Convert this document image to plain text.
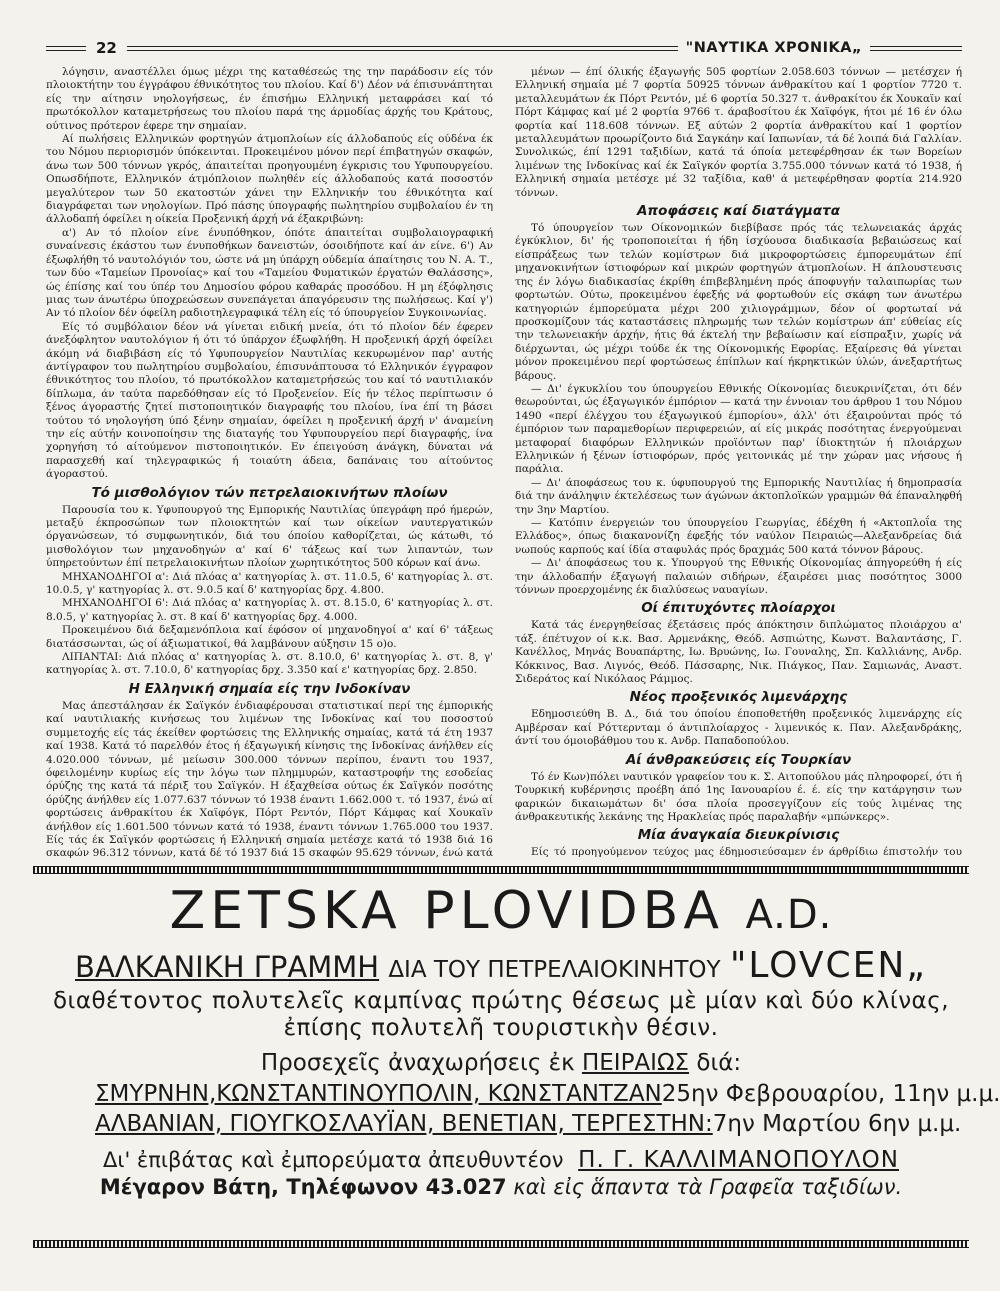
22	"ΝΑΥΤΙΚΑ ΧΡΟΝΙΚΑ„

λόγησιν, αναστέλλει όμως μέχρι της καταθέσεώς της την παράδοσιν είς τόν πλοιοκτήτην του έγγράφου έθνικότητος του πλοίου. Καί δ') Δέον νά έπισυνάπτηται είς την αίτησιν νηολογήσεως, έν έπισήμω Ελληνική μεταφράσει καί τό πρωτόκολλον καταμετρήσεως του πλοίου παρά της άρμοδίας άρχής του Κράτους, ούτινος πρότερον έφερε την σημαίαν.

Αί πωλήσεις Ελληνικών φορτηγών άτμοπλοίων είς άλλοδαπούς είς ούδένα έκ του Νόμου περιορισμόν ύπόκεινται. Προκειμένου μόνον περί έπιβατηγών σκαφών, άνω των 500 τόννων γκρός, άπαιτείται προηγουμένη έγκρισις του Υφυπουργείου. Οπωσδήποτε, Ελληνικόν άτμόπλοιον πωληθέν είς άλλοδαπούς κατά ποσοστόν μεγαλύτερον των 50 εκατοστών χάνει την Ελληνικήν του έθνικότητα καί διαγράφεται των νηολογίων. Πρό πάσης ύπογραφής πωλητηρίου συμβολαίου έν τη άλλοδαπή όφείλει η οίκεία Προξενική άρχή νά έξακριβώνη:

α') Αν τό πλοίον είνε ένυπόθηκον, όπότε άπαιτείται συμβολαιογραφική συναίνεσις έκάστου των ένυποθήκων δανειστών, όσοιδήποτε καί άν είνε. 6') Αν έξωφλήθη τό ναυτολόγιόν του, ώστε νά μη ύπάρχη ούδεμία άπαίτησις του Ν. Α. Τ., των δύο «Ταμείων Προνοίας» καί του «Ταμείου Φυματικών έργατών Θαλάσσης», ώς έπίσης καί του ύπέρ του Δημοσίου φόρου καθαράς προσόδου. Η μη έξόφλησις μιας των άνωτέρω ύποχρεώσεων συνεπάγεται άπαγόρευσιν της πωλήσεως. Καί γ') Αν τό πλοίον δέν όφείλη ραδιοτηλεγραφικά τέλη είς τό ύπουργείον Συγκοινωνίας.

Είς τό συμβόλαιον δέον νά γίνεται ειδική μνεία, ότι τό πλοίον δέν έφερεν άνεξόφλητον ναυτολόγιον ή ότι τό ύπάρχον έξωφλήθη. Η προξενική άρχή όφείλει άκόμη νά διαβιβάση είς τό Υφυπουργείον Ναυτιλίας κεκυρωμένον παρ' αυτής άντίγραφον του πωλητηρίου συμβολαίου, έπισυνάπτουσα τό Ελληνικόν έγγραφον έθνικότητος του πλοίου, τό πρωτόκολλον καταμετρήσεώς του καί τό ναυτιλιακόν δίπλωμα, άν ταύτα παρεδόθησαν είς τό Προξενείον. Είς ήν τέλος περίπτωσιν ό ξένος άγοραστής ζητεί πιστοποιητικόν διαγραφής του πλοίου, ίνα έπί τη βάσει τούτου τό νηολογήση ύπό ξένην σημαίαν, όφείλει η προξενική άρχή ν' άναμείνη την είς αύτήν κοινοποίησιν της διαταγής του Υφυπουργείου περί διαγραφής, ίνα χορηγήση τό αίτούμενον πιστοποιητικόν. Εν έπειγούση άνάγκη, δύναται νά παρασχεθή καί τηλεγραφικώς ή τοιαύτη άδεια, δαπάναις του αίτούντος άγοραστού.

Τό μισθολόγιον τών πετρελαιοκινήτων πλοίων

Παρουσία του κ. Υφυπουργού της Εμπορικής Ναυτιλίας ύπεγράφη πρό ήμερών, μεταξύ έκπροσώπων των πλοιοκτητών καί των οίκείων ναυτεργατικών όργανώσεων, τό συμφωνητικόν, διά του όποίου καθορίζεται, ώς κάτωθι, τό μισθολόγιον των μηχανοδηγών α' καί 6' τάξεως καί των λιπαντών, των ύπηρετούντων έπί πετρελαιοκινήτων πλοίων χωρητικότητος 500 κόρων καί άνω.

ΜΗΧΑΝΟΔΗΓΟΙ α': Διά πλόας α' κατηγορίας λ. στ. 11.0.5, 6' κατηγορίας λ. στ. 10.0.5, γ' κατηγορίας λ. στ. 9.0.5 καί δ' κατηγορίας δρχ. 4.800.

ΜΗΧΑΝΟΔΗΓΟΙ 6': Διά πλόας α' κατηγορίας λ. στ. 8.15.0, 6' κατηγορίας λ. στ. 8.0.5, γ' κατηγορίας λ. στ. 8 καί δ' κατηγορίας δρχ. 4.000.

Προκειμένου διά δεξαμενόπλοια καί έφόσον οί μηχανοδηγοί α' καί 6' τάξεως διατάσσωνται, ώς οί άξιωματικοί, θά λαμβάνουν αύξησιν 15 ο)ο.

ΛΙΠΑΝΤΑΙ: Διά πλόας α' κατηγορίας λ. στ. 8.10.0, 6' κατηγορίας λ. στ. 8, γ' κατηγορίας λ. στ. 7.10.0, δ' κατηγορίας δρχ. 3.350 καί ε' κατηγορίας δρχ. 2.850.

Η Ελληνική σημαία είς την Ινδοκίναν

Μας άπεστάλησαν έκ Σαϊγκόν ένδιαφέρουσαι στατιστικαί περί της έμπορικής καί ναυτιλιακής κινήσεως του λιμένων της Ινδοκίνας καί του ποσοστού συμμετοχής είς τάς έκείθεν φορτώσεις της Ελληνικής σημαίας, κατά τά έτη 1937 καί 1938. Κατά τό παρελθόν έτος ή έξαγωγική κίνησις της Ινδοκίνας άνήλθεν είς 4.020.000 τόννων, μέ μείωσιν 300.000 τόννων περίπου, έναντι του 1937, όφειλομένην κυρίως είς την λόγω των πλημμυρών, καταστροφήν της εσοδείας όρύζης της κατά τά πέριξ του Σαϊγκόν. Η έξαχθείσα ούτως έκ Σαϊγκόν ποσότης όρύζης άνήλθεν είς 1.077.637 τόννων τό 1938 έναντι 1.662.000 τ. τό 1937, ένώ αί φορτώσεις άνθρακίτου έκ Χαϊφόγκ, Πόρτ Ρεντόν, Πόρτ Κάμφας καί Χουκαϊν άνήλθον είς 1.601.500 τόννων κατά τό 1938, έναντι τόννων 1.765.000 του 1937. Είς τάς έκ Σαϊγκόν φορτώσεις ή Ελληνική σημαία μετέσχε κατά τό 1938 διά 16 σκαφών 96.312 τόννων, κατά δέ τό 1937 διά 15 σκαφών 95.629 τόννων, ένώ κατά

μένων — έπί όλικής έξαγωγής 505 φορτίων 2.058.603 τόννων — μετέσχεν ή Ελληνική σημαία μέ 7 φορτία 50925 τόννων άνθρακίτου καί 1 φορτίον 7720 τ. μεταλλευμάτων έκ Πόρτ Ρεντόν, μέ 6 φορτία 50.327 τ. άνθρακίτου έκ Χουκαϊν καί Πόρτ Κάμφας καί μέ 2 φορτία 9766 τ. άραβοσίτου έκ Χαϊφόγκ, ήτοι μέ 16 έν όλω φορτία καί 118.608 τόννων. Εξ αύτών 2 φορτία άνθρακίτου καί 1 φορτίον μεταλλευμάτων προωρίζοντο διά Σαγκάην καί Ιαπωνίαν, τά δέ λοιπά διά Γαλλίαν. Συνολικώς, έπί 1291 ταξιδίων, κατά τά όποία μετεφέρθησαν έκ των Βορείων λιμένων της Ινδοκίνας καί έκ Σαϊγκόν φορτία 3.755.000 τόννων κατά τό 1938, ή Ελληνική σημαία μετέσχε μέ 32 ταξίδια, καθ' ά μετεφέρθησαν φορτία 214.920 τόννων.

Αποφάσεις καί διατάγματα

Τό ύπουργείον των Οίκονομικών διεβίβασε πρός τάς τελωνειακάς άρχάς έγκύκλιον, δι' ής τροποποιείται ή ήδη ίσχύουσα διαδικασία βεβαιώσεως καί είσπράξεως των τελών κομίστρων διά μικροφορτώσεις έμπορευμάτων έπί μηχανοκινήτων ίστιοφόρων καί μικρών φορτηγών άτμοπλοίων. Η άπλουστευσις της έν λόγω διαδικασίας έκρίθη έπιβεβλημένη πρός άποφυγήν ταλαιπωρίας των φορτωτών. Ούτω, προκειμένου έφεξής νά φορτωθούν είς σκάφη των άνωτέρω κατηγοριών έμπορεύματα μέχρι 200 χιλιογράμμων, δέον οί φορτωταί νά προσκομίζουν τάς καταστάσεις πληρωμής των τελών κομίστρων άπ' εύθείας είς την τελωνειακήν άρχήν, ήτις θά έκτελή την βεβαίωσιν καί είσπραξιν, χωρίς νά διέρχωνται, ώς μέχρι τούδε έκ της Οίκονομικής Εφορίας. Εξαίρεσις θά γίνεται μόνον προκειμένου περί φορτώσεως έπίπλων καί ήκρηκτικών ύλών, άνεξαρτήτως βάρους.

— Δι' έγκυκλίου του ύπουργείου Εθνικής Οίκονομίας διευκρινίζεται, ότι δέν θεωρούνται, ώς έξαγωγικόν έμπόριον — κατά την έννοιαν του άρθρου 1 του Νόμου 1490 «περί έλέγχου του έξαγωγικού έμπορίου», άλλ' ότι έξαιρούνται πρός τό έμπόριον των παραμεθορίων περιφερειών, αί είς μικράς ποσότητας ένεργούμεναι μεταφοραί διαφόρων Ελληνικών προϊόντων παρ' ίδιοκτητών ή πλοιάρχων Ελληνικών ή ξένων ίστιοφόρων, πρός γειτονικάς μέ την χώραν μας νήσους ή παράλια.

— Δι' άποφάσεως του κ. ύφυπουργού της Εμπορικής Ναυτιλίας ή δημοπρασία διά την άνάληψιν έκτελέσεως των άγώνων άκτοπλοϊκών γραμμών θά έπαναληφθή την 3ην Μαρτίου.

— Κατόπιν ένεργειών του ύπουργείου Γεωργίας, έδέχθη ή «Ακτοπλοΐα της Ελλάδος», όπως διακανονίζη έφεξής τόν ναύλον Πειραιώς—Αλεξανδρείας διά νωπούς καρπούς καί ίδία σταφυλάς πρός δραχμάς 500 κατά τόννον βάρους.

— Δι' άποφάσεως του κ. Υπουργού της Εθνικής Οίκονομίας άπηγορεύθη ή είς την άλλοδαπήν έξαγωγή παλαιών σιδήρων, έξαιρέσει μιας ποσότητος 3000 τόννων προερχομένης έκ διαλύσεως ναυαγίων.

Οί έπιτυχόντες πλοίαρχοι

Κατά τάς ένεργηθείσας έξετάσεις πρός άπόκτησιν διπλώματος πλοιάρχου α' τάξ. έπέτυχον οί κ.κ. Βασ. Αρμενάκης, Θεόδ. Ασπιώτης, Κωνστ. Βαλαντάσης, Γ. Κανέλλος, Μηνάς Βουαπάρτης, Ιω. Βρυώνης, Ιω. Γουναλης, Σπ. Καλλιάνης, Ανδρ. Κόκκινος, Βασ. Λιγνός, Θεόδ. Πάσσαρης, Νικ. Πιάγκος, Παν. Σαμιωνάς, Αναστ. Σιδεράτος καί Νικόλαος Ράμμος.

Νέος προξενικός λιμενάρχης

Εδημοσιεύθη Β. Δ., διά του όποίου έποποθετήθη προξενικός λιμενάρχης είς Αμβέρσαν καί Ρόττερνταμ ό άντιπλοίαρχος - λιμενικός κ. Παν. Αλεξανδράκης, άντί του όμοιοβάθμου του κ. Ανδρ. Παπαδοπούλου.

Αί άνθρακεύσεις είς Τουρκίαν

Τό έν Κων)πόλει ναυτικόν γραφείον του κ. Σ. Αιτοπούλου μάς πληροφορεί, ότι ή Τουρκική κυβέρνησις προέβη άπό 1ης Ιανουαρίου έ. έ. είς την κατάργησιν των φαρικών δικαιωμάτων δι' όσα πλοία προσεγγίζουν είς τούς λιμένας της άνθρακευτικής λεκάνης της Ηρακλείας πρός παραλαβήν «μπώνκερς».

Μία άναγκαία διευκρίνισις

Είς τό προηγούμενον τεύχος μας έδημοσιεύσαμεν έν άρθρίδιω έπιστολήν του

ZETSKA PLOVIDBA A.D.
ΒΑΛΚΑΝΙΚΗ ΓΡΑΜΜΗ ΔΙΑ ΤΟΥ ΠΕΤΡΕΛΑΙΟΚΙΝΗΤΟΥ "LOVCEN„
διαθέτοντος πολυτελεῖς καμπίνας πρώτης θέσεως μὲ μίαν καὶ δύο κλίνας,
ἐπίσης πολυτελῆ τουριστικὴν θέσιν.
Προσεχεῖς ἀναχωρήσεις ἐκ ΠΕΙΡΑΙΩΣ διά:
ΣΜΥΡΝΗΝ,ΚΩΝΣΤΑΝΤΙΝΟΥΠΟΛΙΝ, ΚΩΝΣΤΑΝΤΖΑΝ 25ην Φεβρουαρίου, 11ην μ.μ.
ΑΛΒΑΝΙΑΝ, ΓΙΟΥΓΚΟΣΛΑΥΪΑΝ, ΒΕΝΕΤΙΑΝ, ΤΕΡΓΕΣΤΗΝ: 7ην Μαρτίου 6ην μ.μ.
Δι' ἐπιβάτας καὶ ἐμπορεύματα ἀπευθυντέον Π. Γ. ΚΑΛΛΙΜΑΝΟΠΟΥΛΟΝ
Μέγαρον Βάτη, Τηλέφωνον 43.027 καὶ εἰς ἅπαντα τὰ Γραφεῖα ταξιδίων.
